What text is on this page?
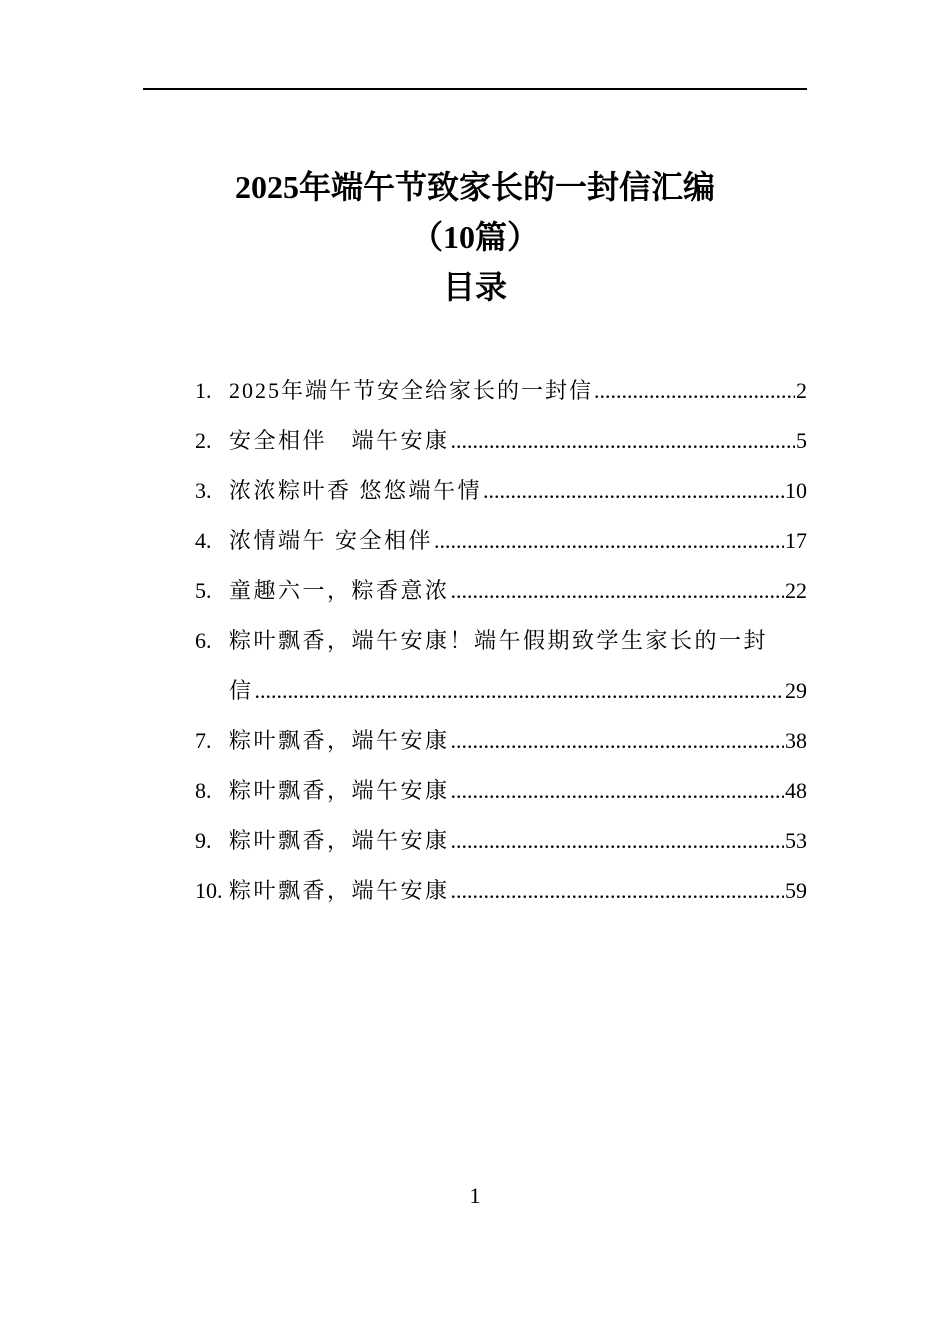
2025年端午节致家长的一封信汇编
（10篇）
目录
1. 2025年端午节安全给家长的一封信 .....	2
2. 安全相伴　端午安康 .....	5
3. 浓浓粽叶香 悠悠端午情 .....	10
4. 浓情端午 安全相伴 .....	17
5. 童趣六一，粽香意浓 .....	22
6. 粽叶飘香，端午安康！端午假期致学生家长的一封
信 .....	29
7. 粽叶飘香，端午安康 .....	38
8. 粽叶飘香，端午安康 .....	48
9. 粽叶飘香，端午安康 .....	53
10. 粽叶飘香，端午安康 .....	59
1
